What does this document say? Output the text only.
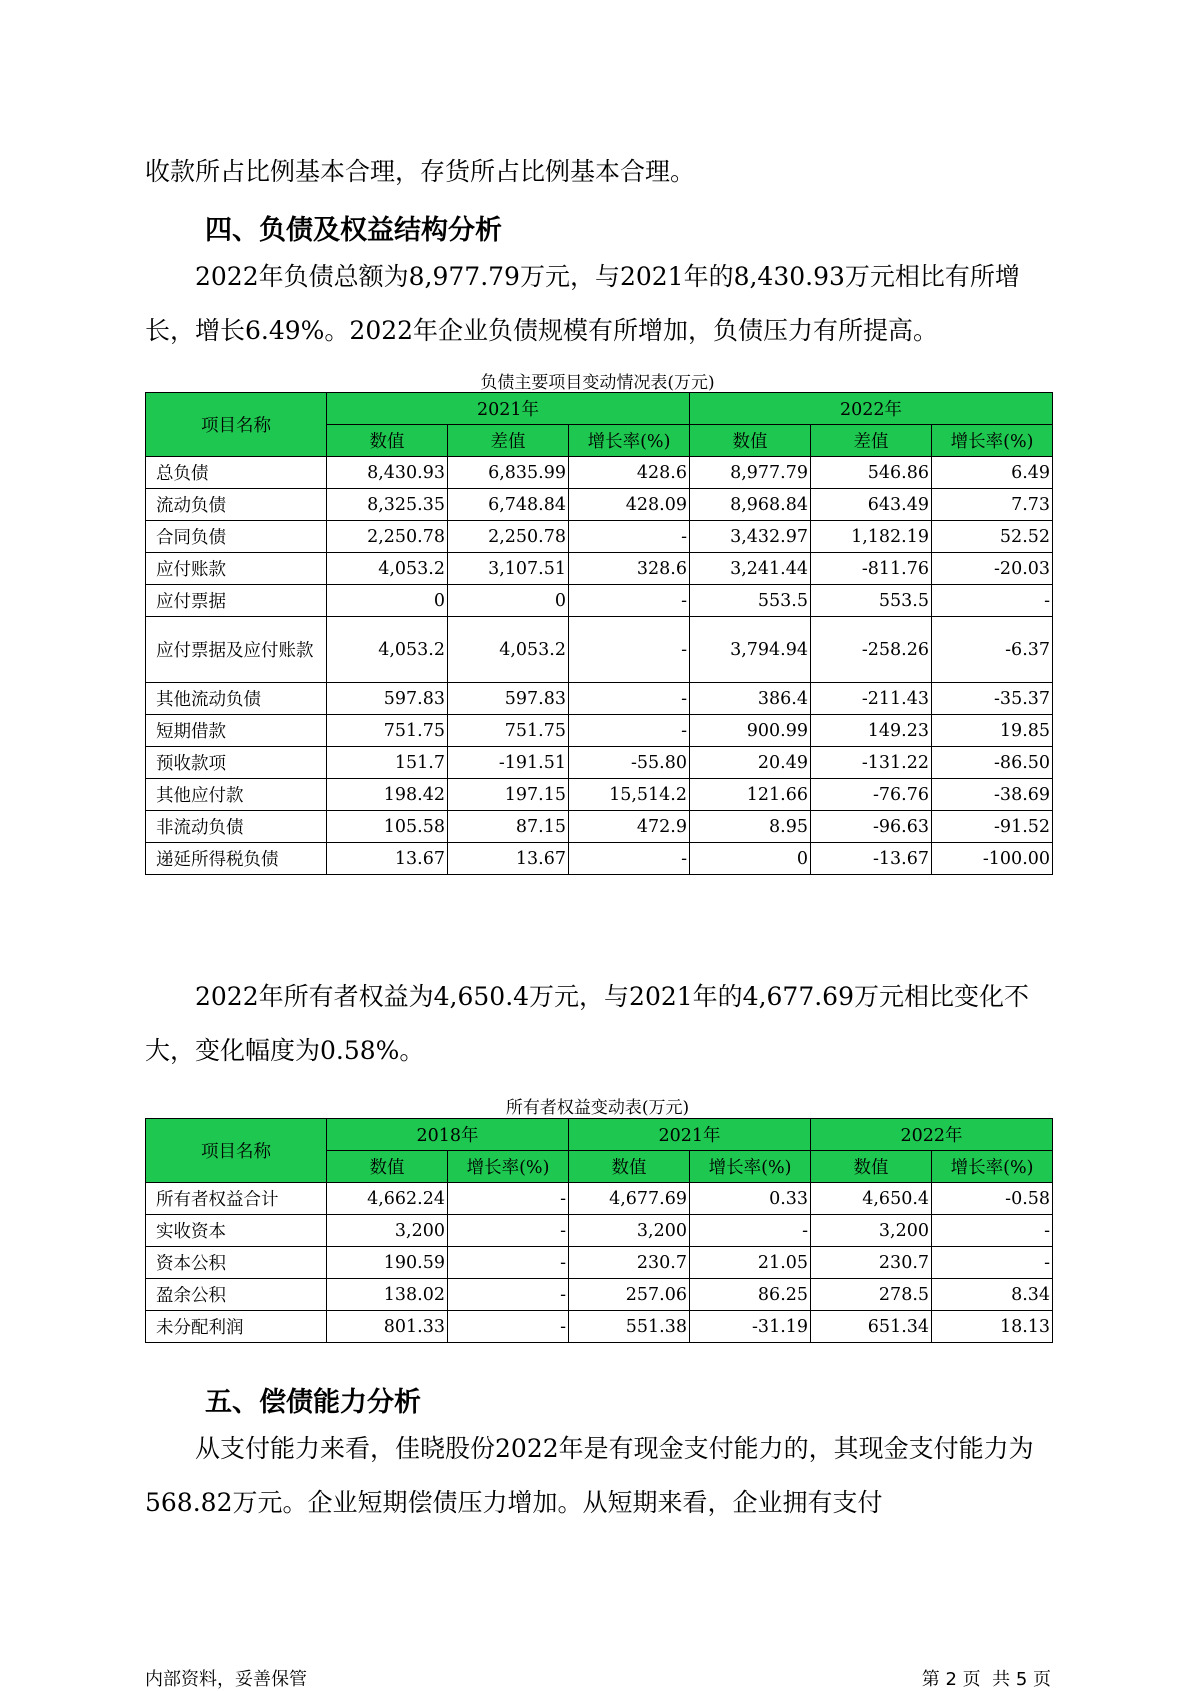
收款所占比例基本合理，存货所占比例基本合理。

四、负债及权益结构分析

2022年负债总额为8,977.79万元，与2021年的8,430.93万元相比有所增长，增长6.49%。2022年企业负债规模有所增加，负债压力有所提高。

负债主要项目变动情况表(万元)
项目名称	2021年			2022年		
	数值	差值	增长率(%)	数值	差值	增长率(%)
总负债	8,430.93	6,835.99	428.6	8,977.79	546.86	6.49
流动负债	8,325.35	6,748.84	428.09	8,968.84	643.49	7.73
合同负债	2,250.78	2,250.78	-	3,432.97	1,182.19	52.52
应付账款	4,053.2	3,107.51	328.6	3,241.44	-811.76	-20.03
应付票据	0	0	-	553.5	553.5	-
应付票据及应付账款	4,053.2	4,053.2	-	3,794.94	-258.26	-6.37
其他流动负债	597.83	597.83	-	386.4	-211.43	-35.37
短期借款	751.75	751.75	-	900.99	149.23	19.85
预收款项	151.7	-191.51	-55.80	20.49	-131.22	-86.50
其他应付款	198.42	197.15	15,514.2	121.66	-76.76	-38.69
非流动负债	105.58	87.15	472.9	8.95	-96.63	-91.52
递延所得税负债	13.67	13.67	-	0	-13.67	-100.00

2022年所有者权益为4,650.4万元，与2021年的4,677.69万元相比变化不大，变化幅度为0.58%。

所有者权益变动表(万元)
项目名称	2018年		2021年		2022年	
	数值	增长率(%)	数值	增长率(%)	数值	增长率(%)
所有者权益合计	4,662.24	-	4,677.69	0.33	4,650.4	-0.58
实收资本	3,200	-	3,200	-	3,200	-
资本公积	190.59	-	230.7	21.05	230.7	-
盈余公积	138.02	-	257.06	86.25	278.5	8.34
未分配利润	801.33	-	551.38	-31.19	651.34	18.13
五、偿债能力分析

从支付能力来看，佳晓股份2022年是有现金支付能力的，其现金支付能力为568.82万元。企业短期偿债压力增加。从短期来看，企业拥有支付

内部资料，妥善保管	第 2 页  共 5 页
